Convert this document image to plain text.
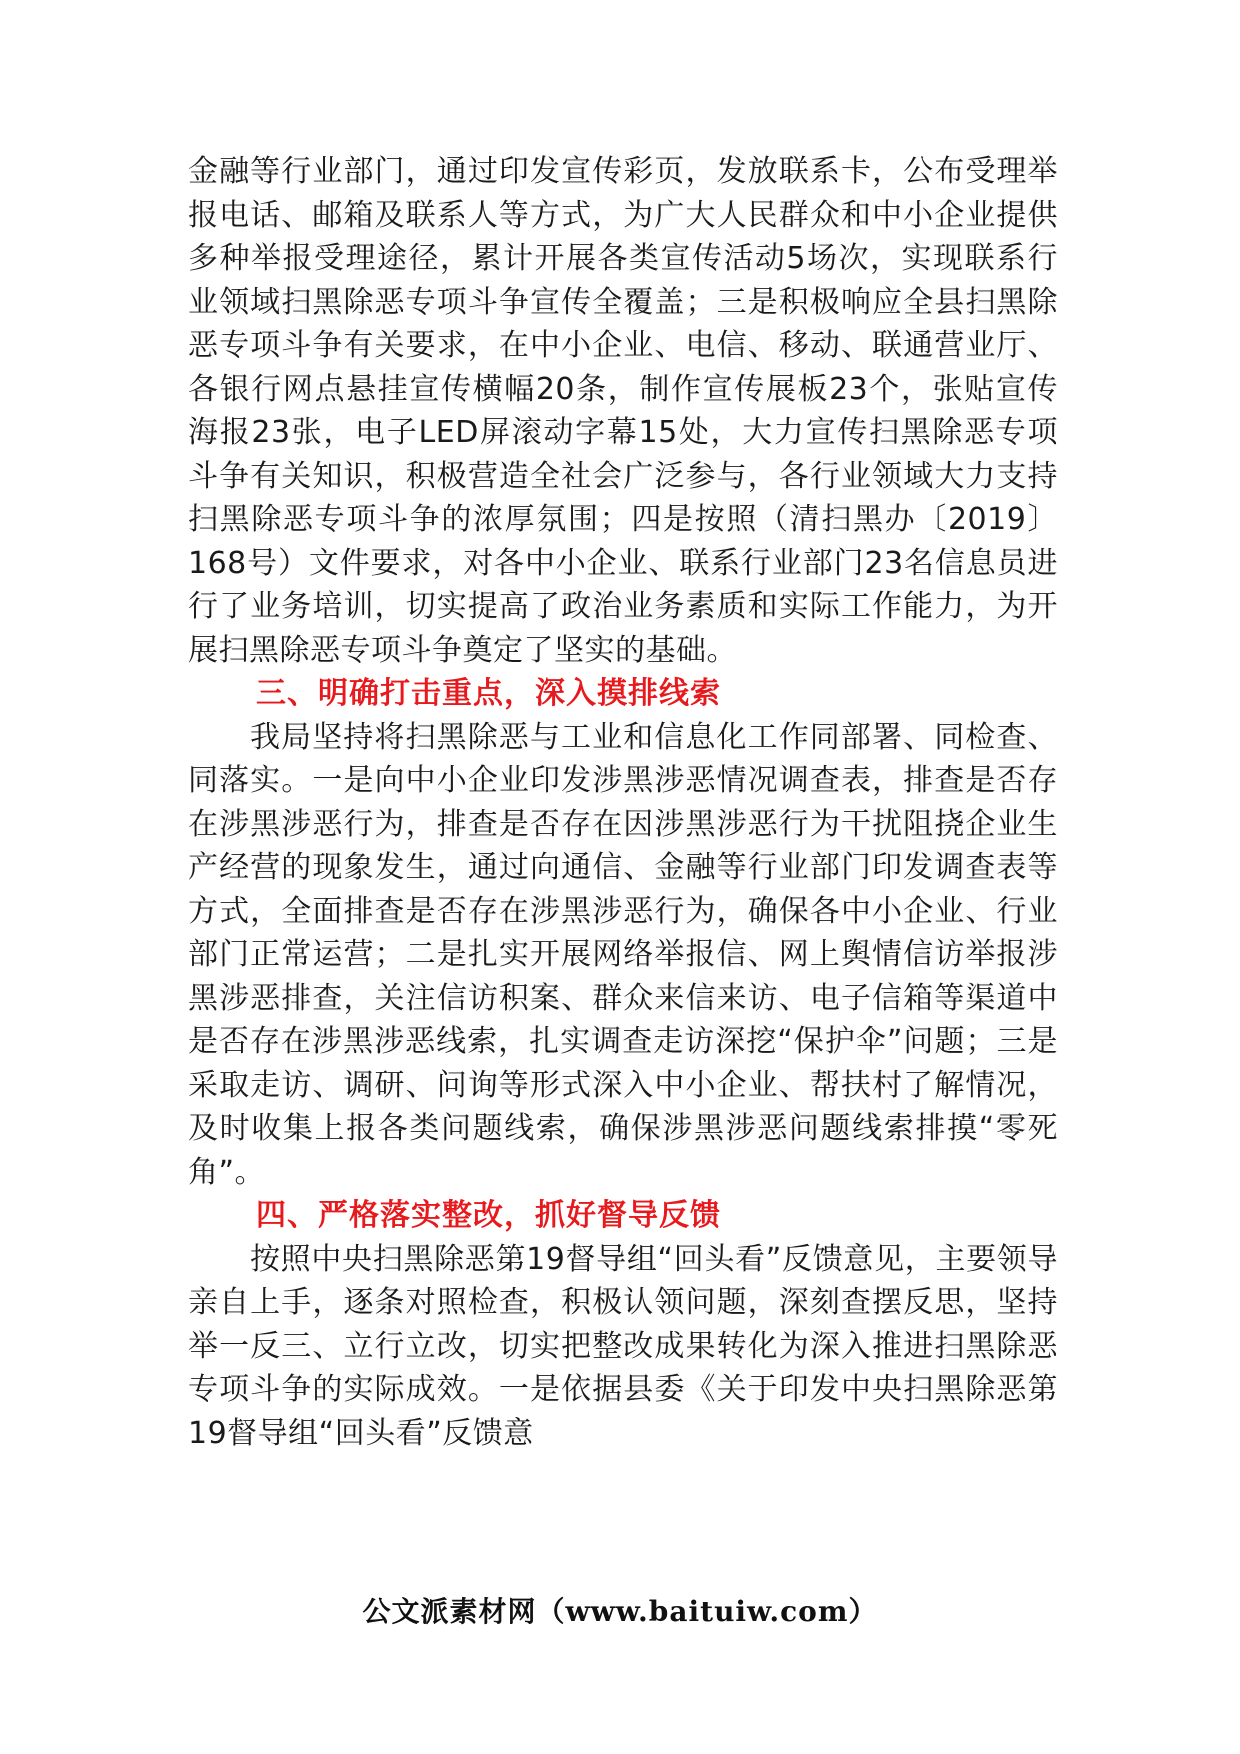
金融等行业部门，通过印发宣传彩页，发放联系卡，公布受理举报电话、邮箱及联系人等方式，为广大人民群众和中小企业提供多种举报受理途径，累计开展各类宣传活动5场次，实现联系行业领域扫黑除恶专项斗争宣传全覆盖；三是积极响应全县扫黑除恶专项斗争有关要求，在中小企业、电信、移动、联通营业厅、各银行网点悬挂宣传横幅20条，制作宣传展板23个，张贴宣传海报23张，电子LED屏滚动字幕15处，大力宣传扫黑除恶专项斗争有关知识，积极营造全社会广泛参与，各行业领域大力支持扫黑除恶专项斗争的浓厚氛围；四是按照（清扫黑办〔2019〕168号）文件要求，对各中小企业、联系行业部门23名信息员进行了业务培训，切实提高了政治业务素质和实际工作能力，为开展扫黑除恶专项斗争奠定了坚实的基础。

三、明确打击重点，深入摸排线索

我局坚持将扫黑除恶与工业和信息化工作同部署、同检查、同落实。一是向中小企业印发涉黑涉恶情况调查表，排查是否存在涉黑涉恶行为，排查是否存在因涉黑涉恶行为干扰阻挠企业生产经营的现象发生，通过向通信、金融等行业部门印发调查表等方式，全面排查是否存在涉黑涉恶行为，确保各中小企业、行业部门正常运营；二是扎实开展网络举报信、网上舆情信访举报涉黑涉恶排查，关注信访积案、群众来信来访、电子信箱等渠道中是否存在涉黑涉恶线索，扎实调查走访深挖“保护伞”问题；三是采取走访、调研、问询等形式深入中小企业、帮扶村了解情况，及时收集上报各类问题线索，确保涉黑涉恶问题线索排摸“零死角”。

四、严格落实整改，抓好督导反馈

按照中央扫黑除恶第19督导组“回头看”反馈意见，主要领导亲自上手，逐条对照检查，积极认领问题，深刻查摆反思，坚持举一反三、立行立改，切实把整改成果转化为深入推进扫黑除恶专项斗争的实际成效。一是依据县委《关于印发中央扫黑除恶第19督导组“回头看”反馈意

公文派素材网（www.baituiw.com）
